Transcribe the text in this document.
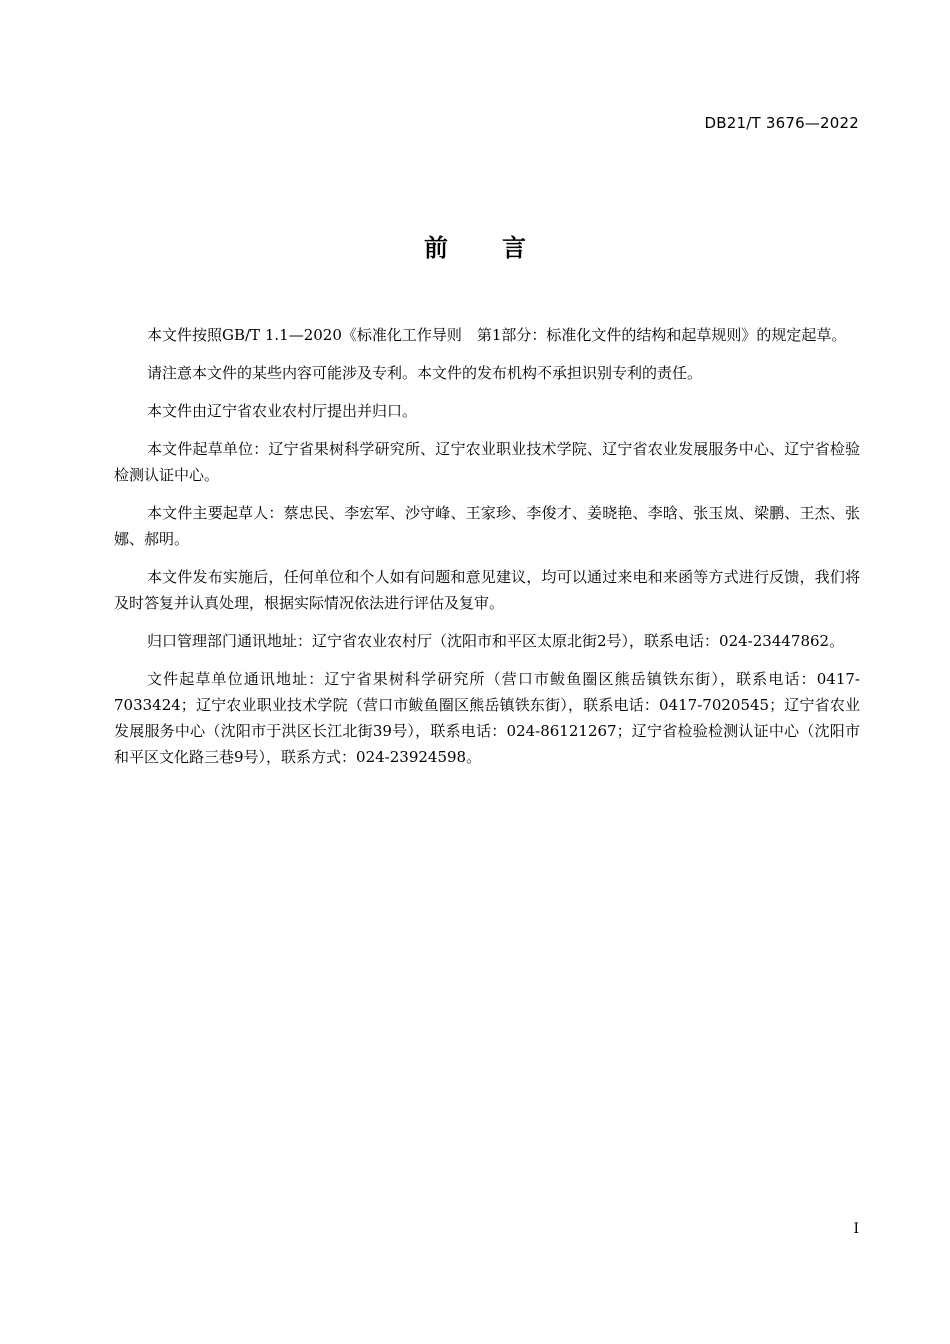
DB21/T 3676—2022
前 言

本文件按照GB/T 1.1—2020《标准化工作导则　第1部分：标准化文件的结构和起草规则》的规定起草。

请注意本文件的某些内容可能涉及专利。本文件的发布机构不承担识别专利的责任。

本文件由辽宁省农业农村厅提出并归口。

本文件起草单位：辽宁省果树科学研究所、辽宁农业职业技术学院、辽宁省农业发展服务中心、辽宁省检验检测认证中心。

本文件主要起草人：蔡忠民、李宏军、沙守峰、王家珍、李俊才、姜晓艳、李晗、张玉岚、梁鹏、王杰、张娜、郝明。

本文件发布实施后，任何单位和个人如有问题和意见建议，均可以通过来电和来函等方式进行反馈，我们将及时答复并认真处理，根据实际情况依法进行评估及复审。

归口管理部门通讯地址：辽宁省农业农村厅（沈阳市和平区太原北街2号），联系电话：024-23447862。

文件起草单位通讯地址：辽宁省果树科学研究所（营口市鲅鱼圈区熊岳镇铁东街），联系电话：0417-7033424；辽宁农业职业技术学院（营口市鲅鱼圈区熊岳镇铁东街），联系电话：0417-7020545；辽宁省农业发展服务中心（沈阳市于洪区长江北街39号），联系电话：024-86121267；辽宁省检验检测认证中心（沈阳市和平区文化路三巷9号），联系方式：024-23924598。

I
